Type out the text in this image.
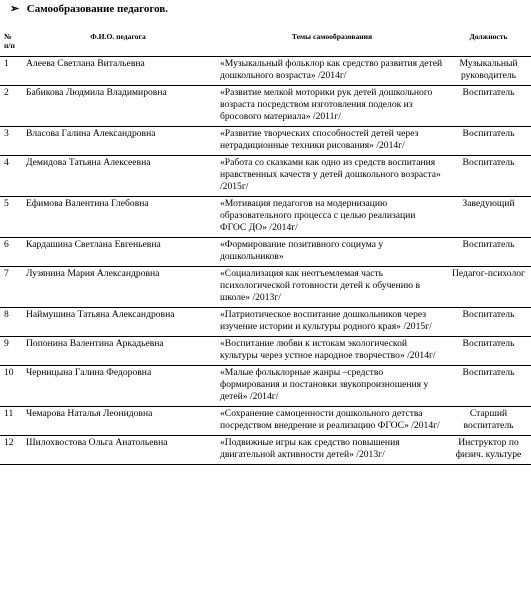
➢ Самообразование педагогов.
№ п/п	Ф.И.О. педагога	Темы самообразования	Должность
1	Алеева Светлана Витальевна	«Музыкальный фольклор как средство развития детей дошкольного возраста» /2014г/	Музыкальный руководитель
2	Бабикова Людмила Владимировна	«Развитие мелкой моторики рук детей дошкольного возраста посредством изготовления поделок из бросового материала» /2011г/	Воспитатель
3	Власова Галина Александровна	«Развитие творческих способностей детей через нетрадиционные техники рисования» /2014г/	Воспитатель
4	Демидова Татьяна Алексеевна	«Работа со сказками как одно из средств воспитания нравственных качеств у детей дошкольного возраста» /2015г/	Воспитатель
5	Ефимова Валентина Глебовна	«Мотивация педагогов на модернизацию образовательного процесса с целью реализации ФГОС ДО» /2014г/	Заведующий
6	Кардашина Светлана Евгеньевна	«Формирование позитивного социума у дошкольников»	Воспитатель
7	Лузянина Мария Александровна	«Социализация как неотъемлемая часть психологической готовности детей к обучению в школе» /2013г/	Педагог-психолог
8	Наймушина Татьяна Александровна	«Патриотическое воспитание дошкольников через изучение истории и культуры родного края» /2015г/	Воспитатель
9	Попонина Валентина Аркадьевна	«Воспитание любви к истокам экологической культуры через устное народное творчество» /2014г/	Воспитатель
10	Черницына Галина Федоровна	«Малые фольклорные жанры –средство формирования и постановки звукопроизношения у детей» /2014г/	Воспитатель
11	Чемарова Наталья Леонидовна	«Сохранение самоценности дошкольного детства посредством внедрение и реализацию ФГОС» /2014г/	Старший воспитатель
12	Шилохвостова Ольга Анатольевна	«Подвижные игры как средство повышения двигательной активности детей» /2013г/	Инструктор по физич. культуре
